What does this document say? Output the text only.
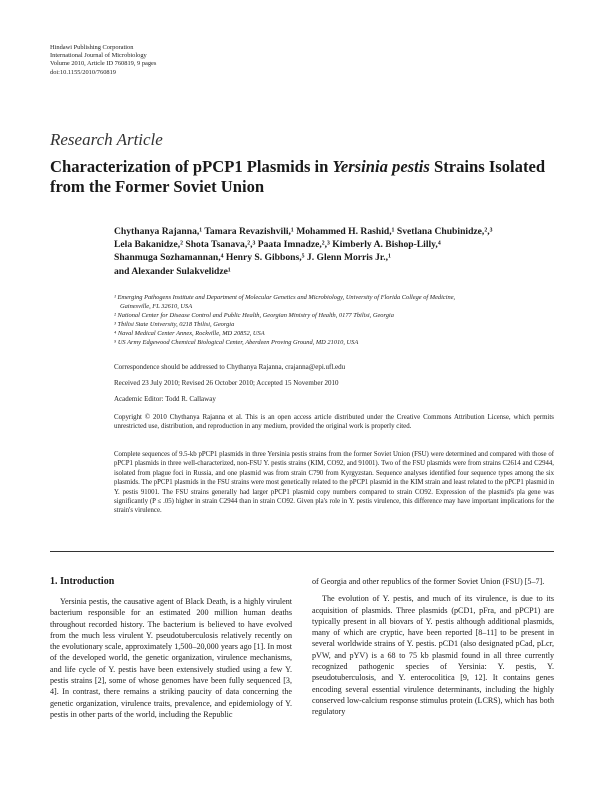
Hindawi Publishing Corporation
International Journal of Microbiology
Volume 2010, Article ID 760819, 9 pages
doi:10.1155/2010/760819
Research Article
Characterization of pPCP1 Plasmids in Yersinia pestis Strains Isolated from the Former Soviet Union
Chythanya Rajanna,¹ Tamara Revazishvili,¹ Mohammed H. Rashid,¹ Svetlana Chubinidze,²,³
Lela Bakanidze,² Shota Tsanava,²,³ Paata Imnadze,²,³ Kimberly A. Bishop-Lilly,⁴
Shanmuga Sozhamannan,⁴ Henry S. Gibbons,⁵ J. Glenn Morris Jr.,¹
and Alexander Sulakvelidze¹
¹ Emerging Pathogens Institute and Department of Molecular Genetics and Microbiology, University of Florida College of Medicine,
Gainesville, FL 32610, USA
² National Center for Disease Control and Public Health, Georgian Ministry of Health, 0177 Tbilisi, Georgia
³ Tbilisi State University, 0218 Tbilisi, Georgia
⁴ Naval Medical Center Annex, Rockville, MD 20852, USA
⁵ US Army Edgewood Chemical Biological Center, Aberdeen Proving Ground, MD 21010, USA
Correspondence should be addressed to Chythanya Rajanna, crajanna@epi.ufl.edu
Received 23 July 2010; Revised 26 October 2010; Accepted 15 November 2010
Academic Editor: Todd R. Callaway
Copyright © 2010 Chythanya Rajanna et al. This is an open access article distributed under the Creative Commons Attribution License, which permits unrestricted use, distribution, and reproduction in any medium, provided the original work is properly cited.
Complete sequences of 9.5-kb pPCP1 plasmids in three Yersinia pestis strains from the former Soviet Union (FSU) were determined and compared with those of pPCP1 plasmids in three well-characterized, non-FSU Y. pestis strains (KIM, CO92, and 91001). Two of the FSU plasmids were from strains C2614 and C2944, isolated from plague foci in Russia, and one plasmid was from strain C790 from Kyrgyzstan. Sequence analyses identified four sequence types among the six plasmids. The pPCP1 plasmids in the FSU strains were most genetically related to the pPCP1 plasmid in the KIM strain and least related to the pPCP1 plasmid in Y. pestis 91001. The FSU strains generally had larger pPCP1 plasmid copy numbers compared to strain CO92. Expression of the plasmid's pla gene was significantly (P ≤ .05) higher in strain C2944 than in strain CO92. Given pla's role in Y. pestis virulence, this difference may have important implications for the strain's virulence.
1. Introduction

Yersinia pestis, the causative agent of Black Death, is a highly virulent bacterium responsible for an estimated 200 million human deaths throughout recorded history. The bacterium is believed to have evolved from the much less virulent Y. pseudotuberculosis relatively recently on the evolutionary scale, approximately 1,500–20,000 years ago [1]. In most of the developed world, the genetic organization, virulence mechanisms, and life cycle of Y. pestis have been extensively studied using a few Y. pestis strains [2], some of whose genomes have been fully sequenced [3, 4]. In contrast, there remains a striking paucity of data concerning the genetic organization, virulence traits, prevalence, and epidemiology of Y. pestis in other parts of the world, including the Republic

of Georgia and other republics of the former Soviet Union (FSU) [5–7].

The evolution of Y. pestis, and much of its virulence, is due to its acquisition of plasmids. Three plasmids (pCD1, pFra, and pPCP1) are typically present in all biovars of Y. pestis although additional plasmids, many of which are cryptic, have been reported [8–11] to be present in several worldwide strains of Y. pestis. pCD1 (also designated pCad, pLcr, pVW, and pYV) is a 68 to 75 kb plasmid found in all three currently recognized pathogenic species of Yersinia: Y. pestis, Y. pseudotuberculosis, and Y. enterocolitica [9, 12]. It contains genes encoding several essential virulence determinants, including the highly conserved low-calcium response stimulus protein (LCRS), which has both regulatory
